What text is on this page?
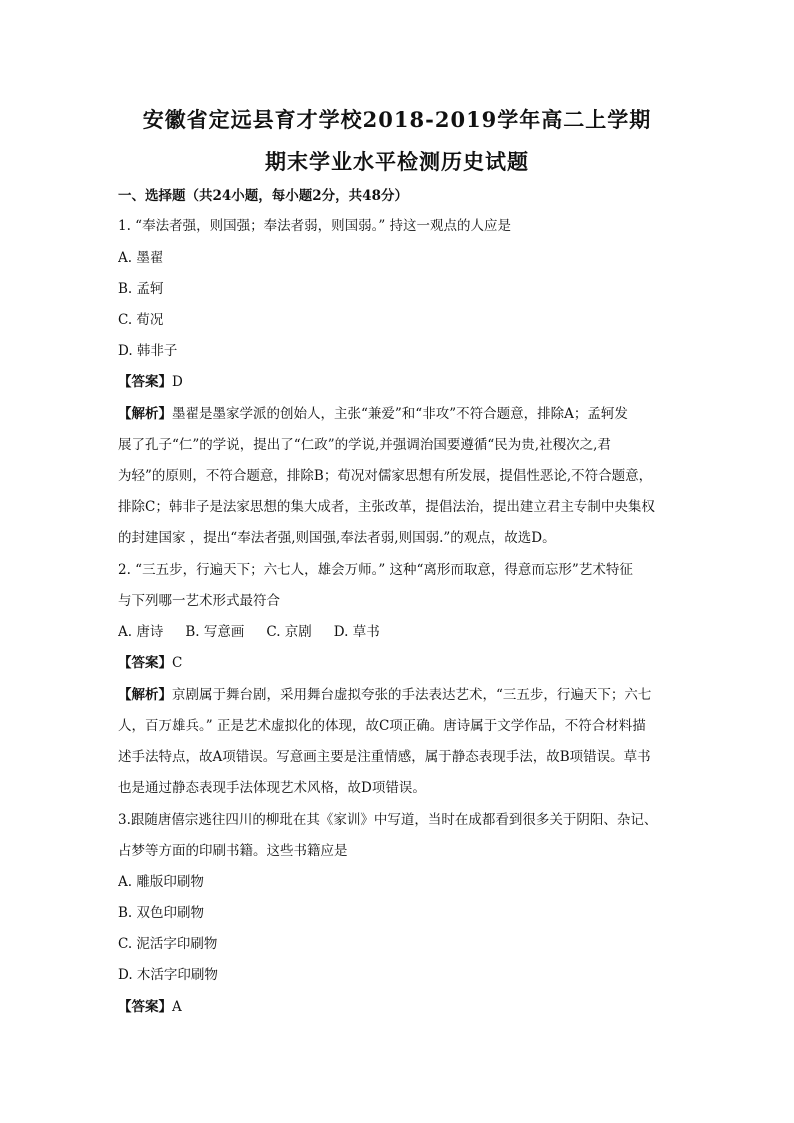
安徽省定远县育才学校2018-2019学年高二上学期
期末学业水平检测历史试题
一、选择题（共24小题，每小题2分，共48分）
1. “奉法者强，则国强；奉法者弱，则国弱。” 持这一观点的人应是
A. 墨翟
B. 孟轲
C. 荀况
D. 韩非子
【答案】D
【解析】墨翟是墨家学派的创始人，主张“兼爱”和“非攻”不符合题意，排除A；孟轲发
展了孔子“仁”的学说，提出了“仁政”的学说,并强调治国要遵循“民为贵,社稷次之,君
为轻”的原则，不符合题意，排除B；荀况对儒家思想有所发展，提倡性恶论,不符合题意，
排除C；韩非子是法家思想的集大成者，主张改革，提倡法治，提出建立君主专制中央集权
的封建国家 ，提出“奉法者强,则国强,奉法者弱,则国弱.”的观点，故选D。
2. “三五步，行遍天下；六七人，雄会万师。” 这种“离形而取意，得意而忘形”艺术特征
与下列哪一艺术形式最符合
A. 唐诗 B. 写意画 C. 京剧 D. 草书
【答案】C
【解析】京剧属于舞台剧，采用舞台虚拟夸张的手法表达艺术，“三五步，行遍天下；六七
人，百万雄兵。” 正是艺术虚拟化的体现，故C项正确。唐诗属于文学作品，不符合材料描
述手法特点，故A项错误。写意画主要是注重情感，属于静态表现手法，故B项错误。草书
也是通过静态表现手法体现艺术风格，故D项错误。
3.跟随唐僖宗逃往四川的柳玭在其《家训》中写道，当时在成都看到很多关于阴阳、杂记、
占梦等方面的印刷书籍。这些书籍应是
A. 雕版印刷物
B. 双色印刷物
C. 泥活字印刷物
D. 木活字印刷物
【答案】A
